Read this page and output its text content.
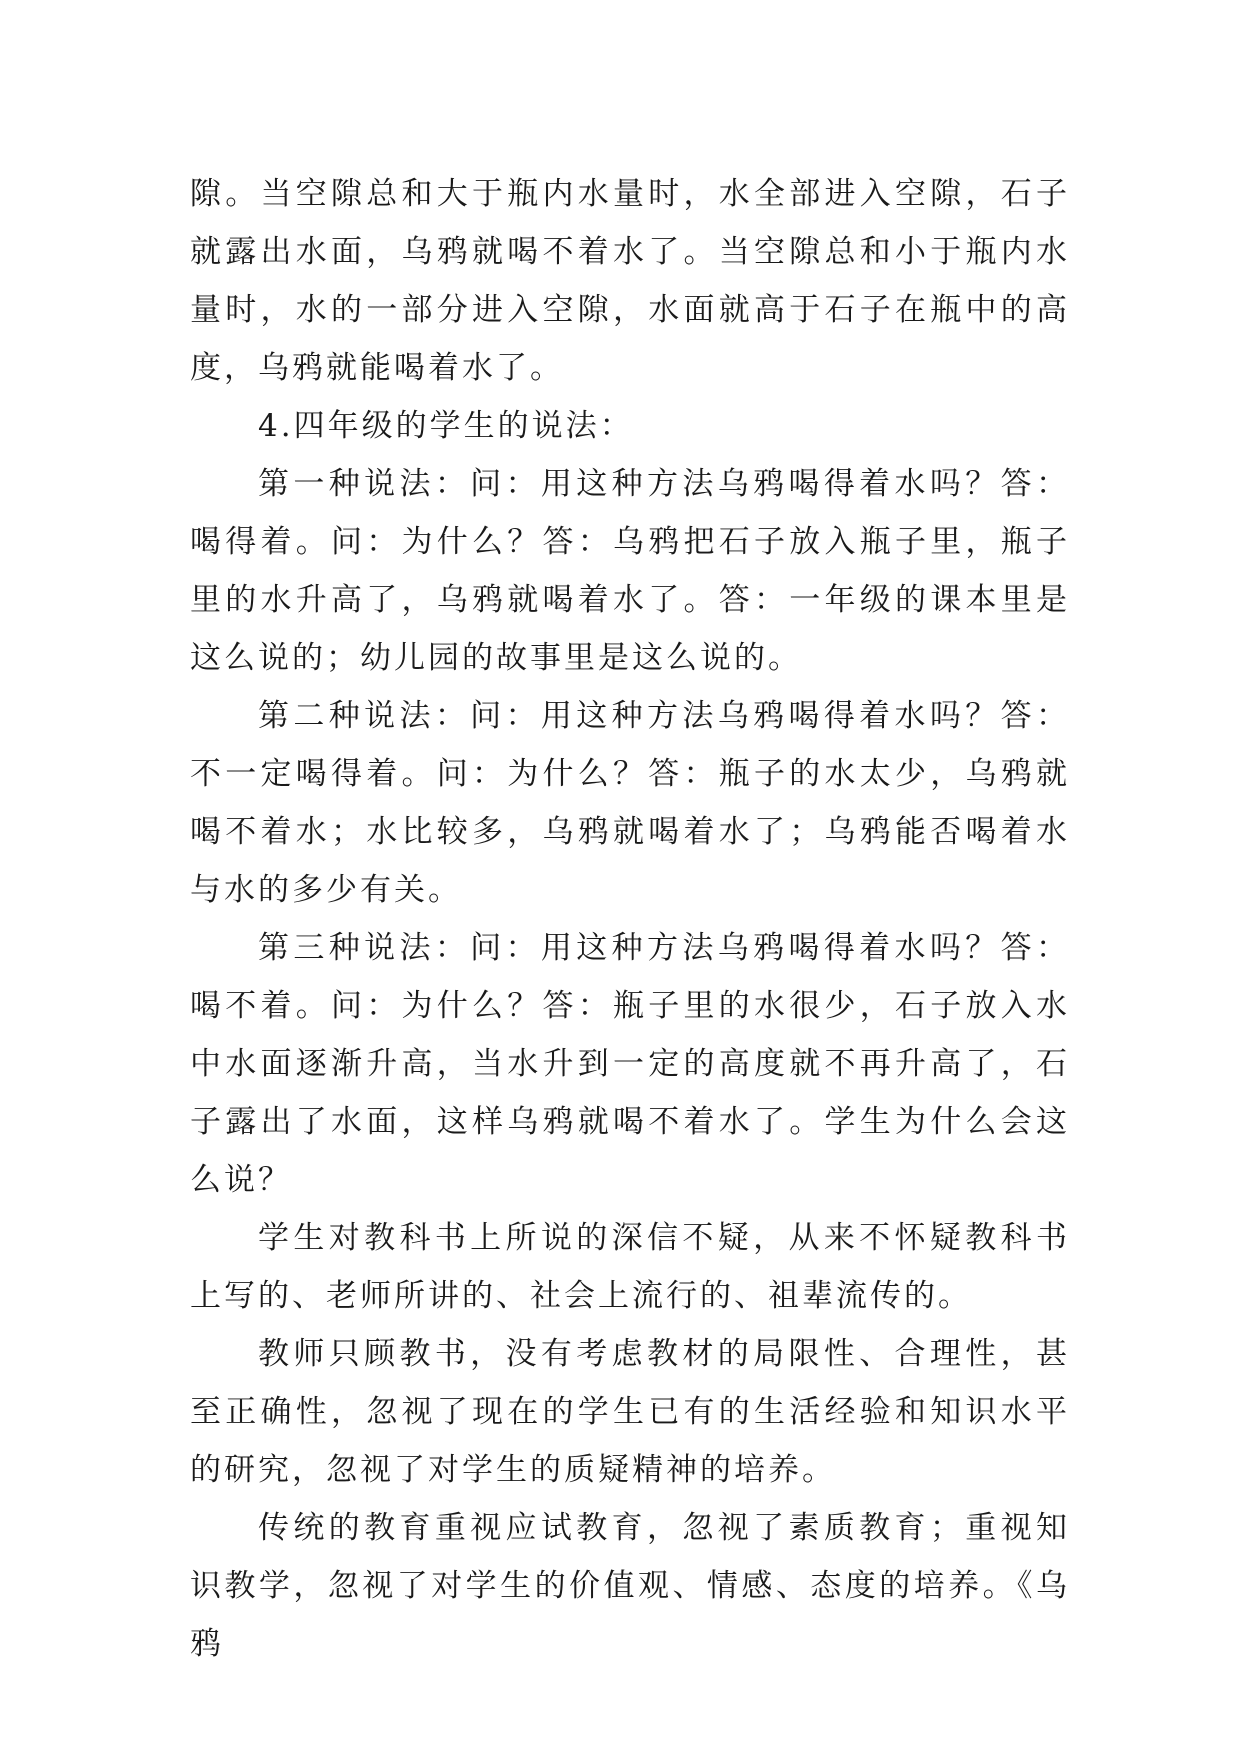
隙。当空隙总和大于瓶内水量时，水全部进入空隙，石子就露出水面，乌鸦就喝不着水了。当空隙总和小于瓶内水量时，水的一部分进入空隙，水面就高于石子在瓶中的高度，乌鸦就能喝着水了。

4.四年级的学生的说法：

第一种说法：问：用这种方法乌鸦喝得着水吗？答：喝得着。问：为什么？答：乌鸦把石子放入瓶子里，瓶子里的水升高了，乌鸦就喝着水了。答：一年级的课本里是这么说的；幼儿园的故事里是这么说的。

第二种说法：问：用这种方法乌鸦喝得着水吗？答：不一定喝得着。问：为什么？答：瓶子的水太少，乌鸦就喝不着水；水比较多，乌鸦就喝着水了；乌鸦能否喝着水与水的多少有关。

第三种说法：问：用这种方法乌鸦喝得着水吗？答：喝不着。问：为什么？答：瓶子里的水很少，石子放入水中水面逐渐升高，当水升到一定的高度就不再升高了，石子露出了水面，这样乌鸦就喝不着水了。学生为什么会这么说？

学生对教科书上所说的深信不疑，从来不怀疑教科书上写的、老师所讲的、社会上流行的、祖辈流传的。

教师只顾教书，没有考虑教材的局限性、合理性，甚至正确性，忽视了现在的学生已有的生活经验和知识水平的研究，忽视了对学生的质疑精神的培养。

传统的教育重视应试教育，忽视了素质教育；重视知识教学，忽视了对学生的价值观、情感、态度的培养。《乌鸦
